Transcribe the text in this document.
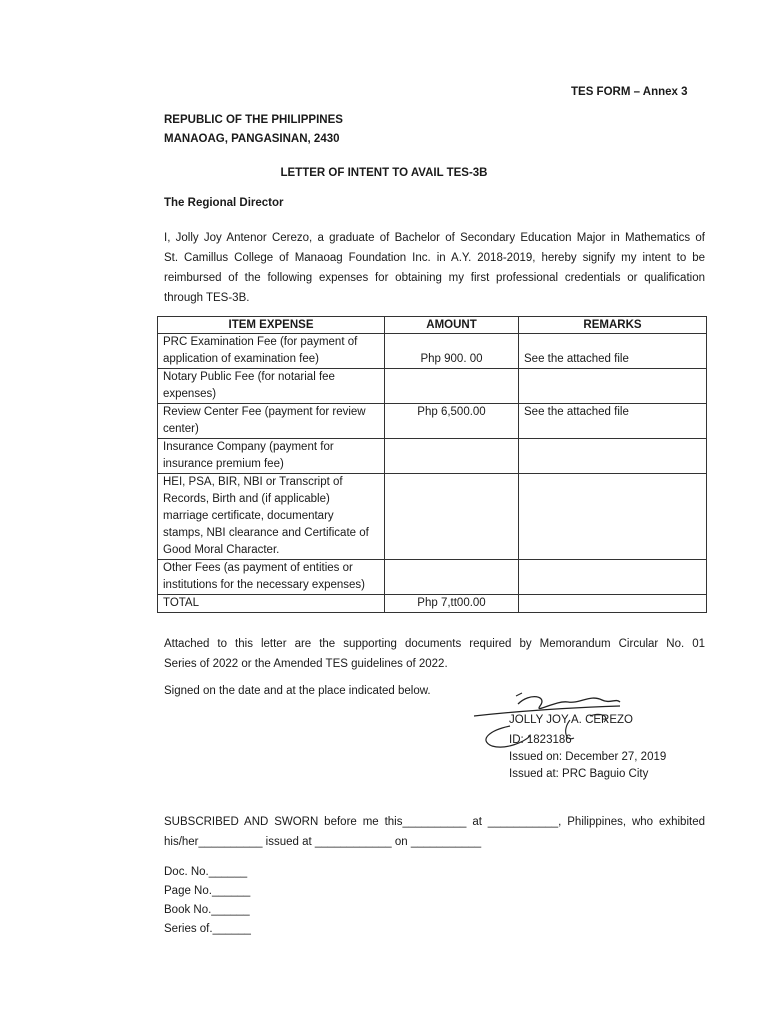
TES FORM – Annex 3
REPUBLIC OF THE PHILIPPINES
MANAOAG, PANGASINAN, 2430
LETTER OF INTENT TO AVAIL TES-3B
The Regional Director
I, Jolly Joy Antenor Cerezo, a graduate of Bachelor of Secondary Education Major in Mathematics of
St. Camillus College of Manaoag Foundation Inc. in A.Y. 2018-2019, hereby signify my intent to be
reimbursed of the following expenses for obtaining my first professional credentials or qualification
through TES-3B.
ITEM EXPENSE	AMOUNT	REMARKS

PRC Examination Fee (for payment of
application of examination fee)	Php 900. 00	See the attached file

Notary Public Fee (for notarial fee
expenses)		

Review Center Fee (payment for review
center)	Php 6,500.00	See the attached file

Insurance Company (payment for
insurance premium fee)		

HEI, PSA, BIR, NBI or Transcript of
Records, Birth and (if applicable)
marriage certificate, documentary
stamps, NBI clearance and Certificate of
Good Moral Character.		

Other Fees (as payment of entities or
institutions for the necessary expenses)		

TOTAL	Php 7,tt00.00	
Attached to this letter are the supporting documents required by Memorandum Circular No. 01
Series of 2022 or the Amended TES guidelines of 2022.
Signed on the date and at the place indicated below.
JOLLY JOY A. CEREZO
ID: 1823186
Issued on: December 27, 2019
Issued at: PRC Baguio City
SUBSCRIBED AND SWORN before me this__________ at ___________, Philippines, who exhibited
his/her__________ issued at ____________ on ___________
Doc. No.______
Page No.______
Book No.______
Series of.______
